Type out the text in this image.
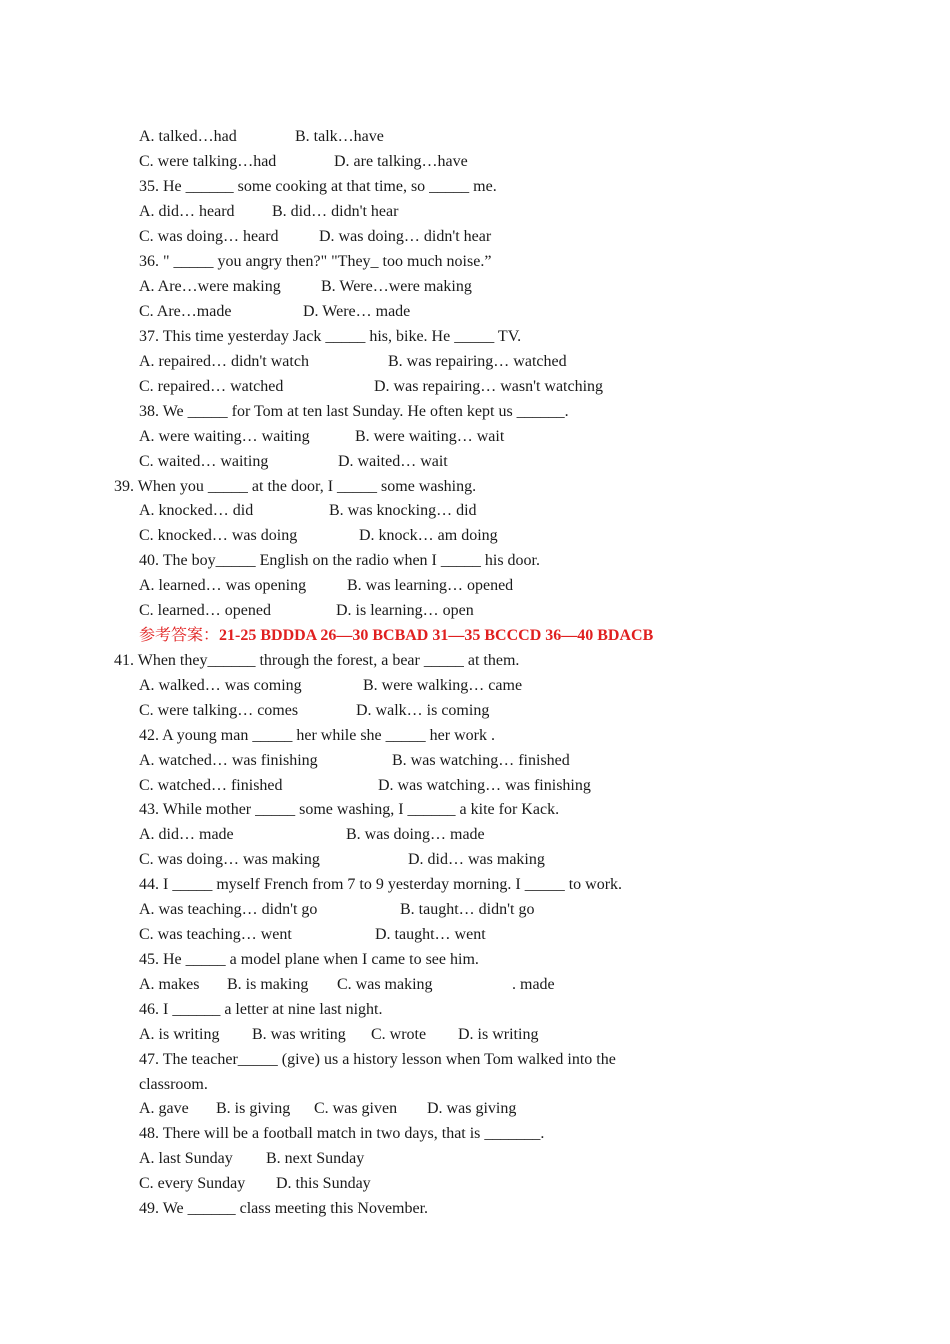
A. talked…had	B. talk…have
C. were talking…had	D. are talking…have
35. He ______ some cooking at that time, so _____ me.
A. did… heard B. did… didn't hear
C. was doing… heard	D. was doing… didn't hear
36. " _____ you angry then?" "They_ too much noise.”
A. Are…were making	B. Were…were making
C. Are…made	D. Were… made
37. This time yesterday Jack _____ his, bike. He _____ TV.
A. repaired… didn't watch	B. was repairing… watched
C. repaired… watched	D. was repairing… wasn't watching
38. We _____ for Tom at ten last Sunday. He often kept us ______.
A. were waiting… waiting	B. were waiting… wait
C. waited… waiting	D. waited… wait
39. When you _____ at the door, I _____ some washing.
A. knocked… did	B. was knocking… did
C. knocked… was doing	D. knock… am doing
40. The boy_____ English on the radio when I _____ his door.
A. learned… was opening	B. was learning… opened
C. learned… opened	D. is learning… open
参考答案：21-25 BDDDA 26—30 BCBAD 31—35 BCCCD 36—40 BDACB
41. When they______ through the forest, a bear _____ at them.
A. walked… was coming	B. were walking… came
C. were talking… comes	D. walk… is coming
42. A young man _____ her while she _____ her work .
A. watched… was finishing	B. was watching… finished
C. watched… finished	D. was watching… was finishing
43. While mother _____ some washing, I ______ a kite for Kack.
A. did… made	B. was doing… made
C. was doing… was making	D. did… was making
44. I _____ myself French from 7 to 9 yesterday morning. I _____ to work.
A. was teaching… didn't go	B. taught… didn't go
C. was teaching… went	D. taught… went
45. He _____ a model plane when I came to see him.
A. makes B. is making C. was making	. made
46. I ______ a letter at nine last night.
A. is writing B. was writing C. wrote D. is writing
47. The teacher_____ (give) us a history lesson when Tom walked into the
classroom.
A. gave B. is giving C. was given D. was giving
48. There will be a football match in two days, that is _______.
A. last Sunday B. next Sunday
C. every Sunday D. this Sunday
49. We ______ class meeting this November.
